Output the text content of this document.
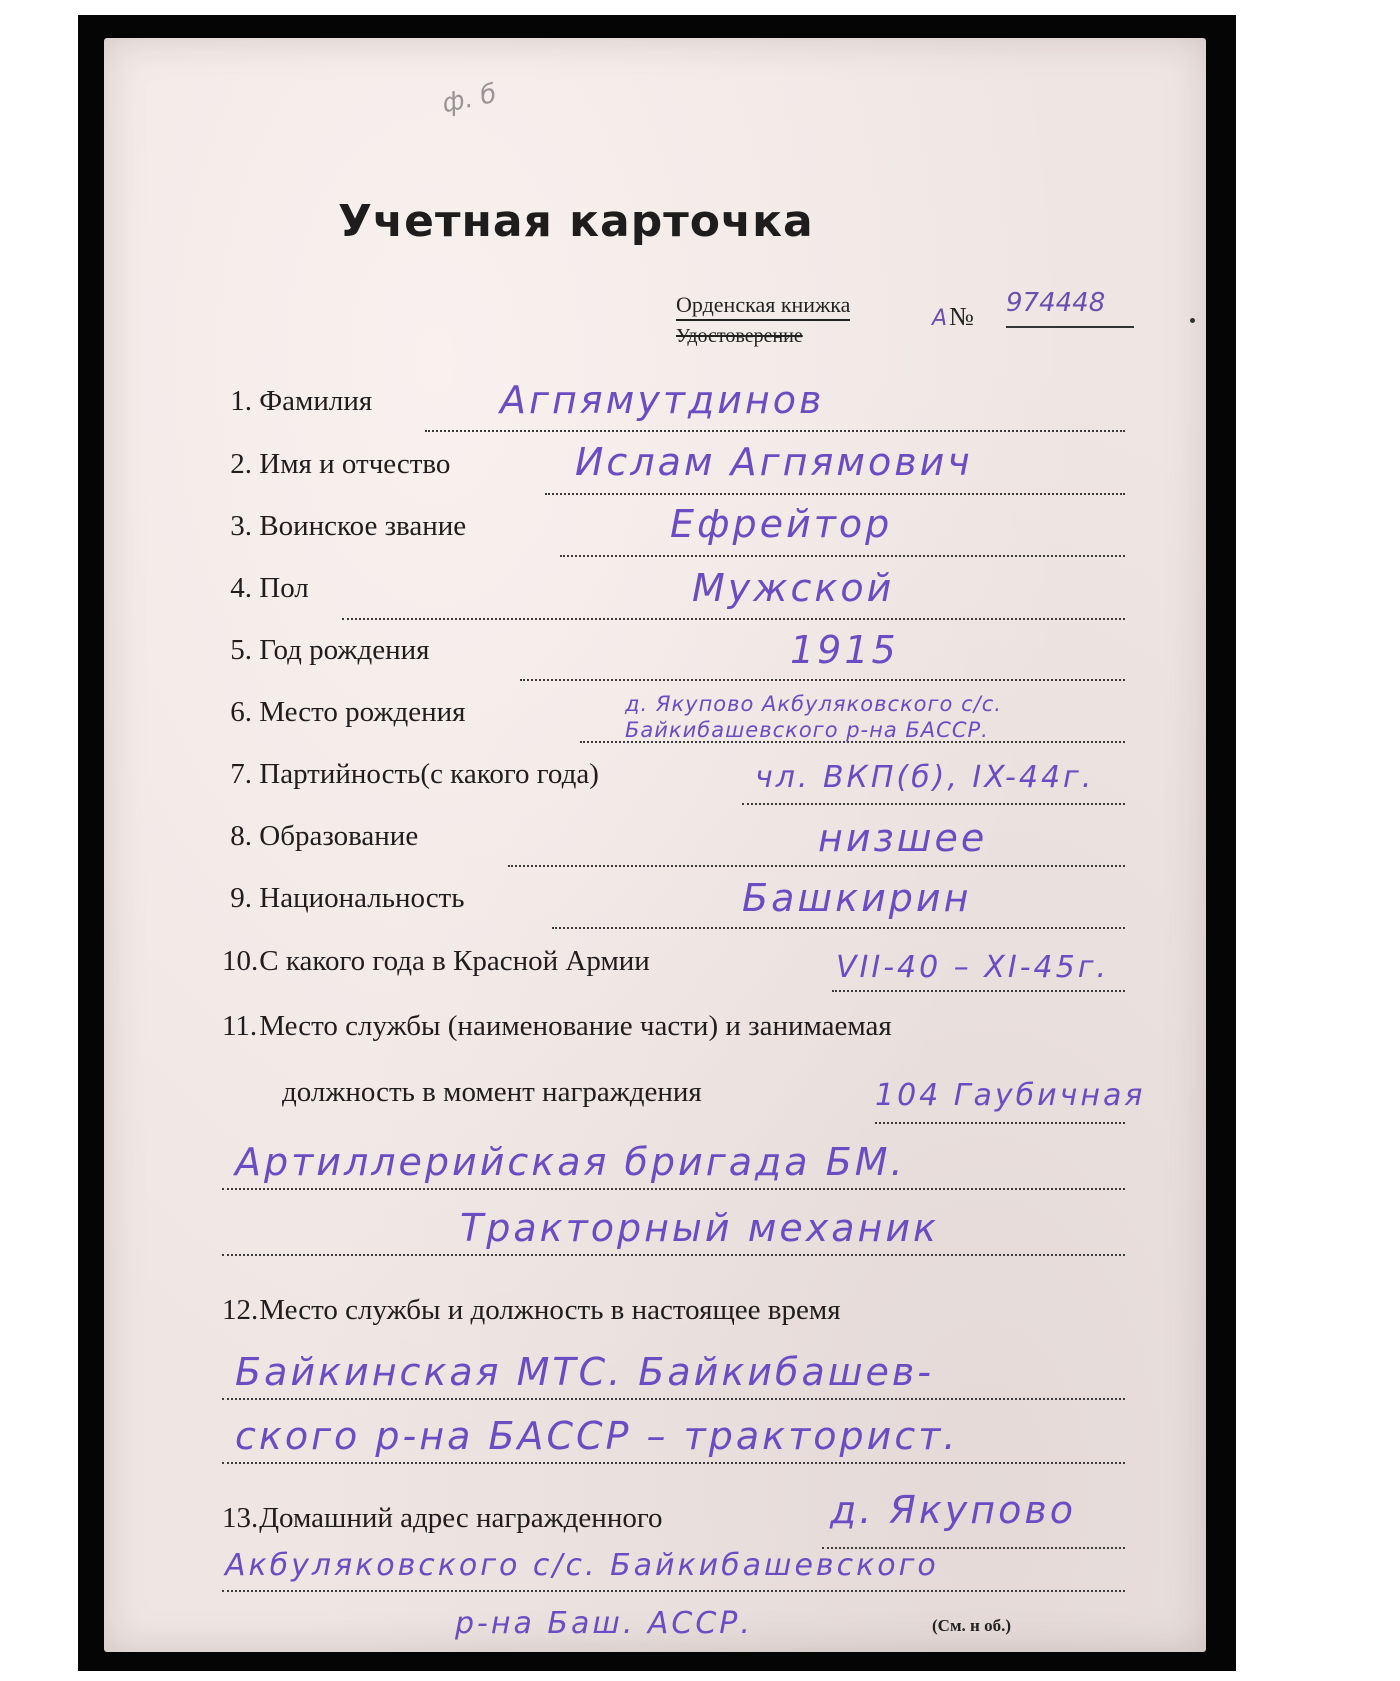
ф. б
Учетная карточка
Орденская книжка
Удостоверение
А№ 974448
1. Фамилия	Агпямутдинов
2. Имя и отчество	Ислам Агпямович
3. Воинское звание	Ефрейтор
4. Пол	Мужской
5. Год рождения	1915
6. Место рождения	д. Якупово Акбуляковского с/с.
Байкибашевского р-на БАССР.
7. Партийность(с какого года)	чл. ВКП(б), IX-44г.
8. Образование	низшее
9. Национальность	Башкирин
10. С какого года в Красной Армии	VII-40 – XI-45г.
11. Место службы (наименование части) и занимаемая
должность в момент награждения	104 Гаубичная
Артиллерийская бригада БМ.
Тракторный механик
12. Место службы и должность в настоящее время
Байкинская МТС. Байкибашев-
ского р-на БАССР – тракторист.
13. Домашний адрес награжденного	д. Якупово
Акбуляковского с/с. Байкибашевского
р-на Баш. АССР.	(См. н об.)
